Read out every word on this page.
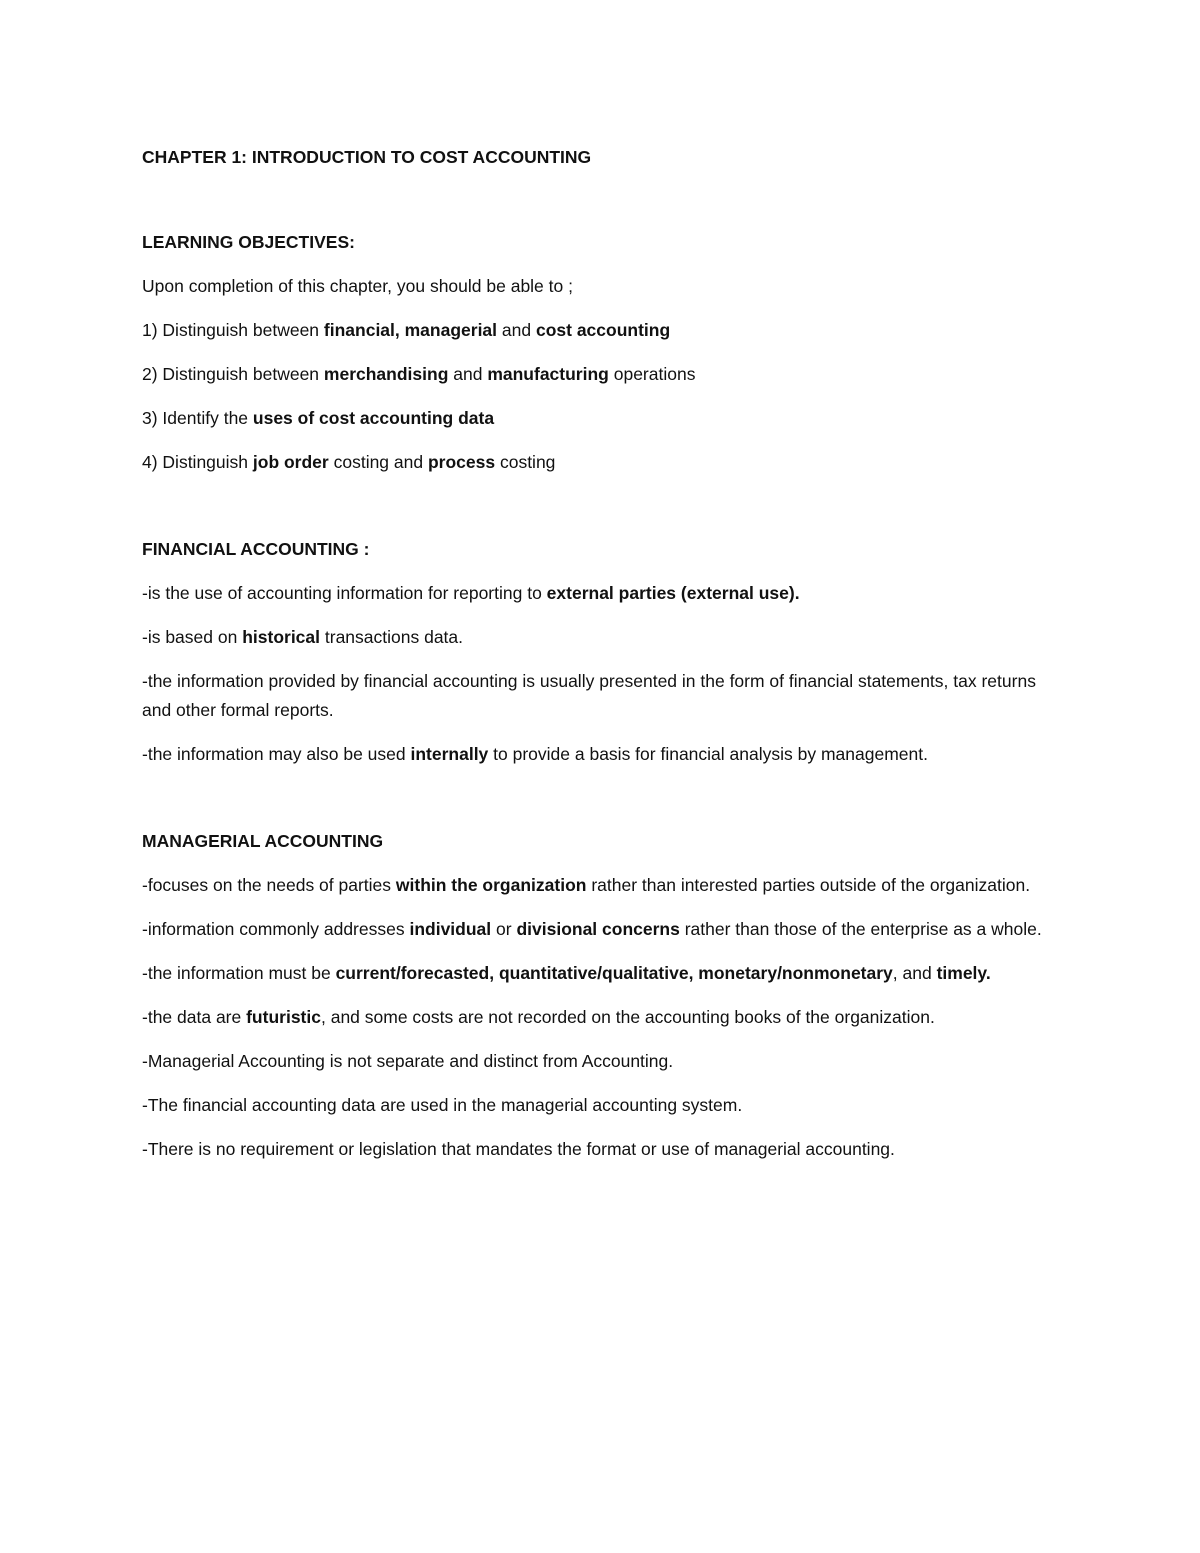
CHAPTER 1: INTRODUCTION TO COST ACCOUNTING

LEARNING OBJECTIVES:

Upon completion of this chapter, you should be able to ;

1) Distinguish between financial, managerial and cost accounting

2) Distinguish between merchandising and manufacturing operations

3) Identify the uses of cost accounting data

4) Distinguish job order costing and process costing

FINANCIAL ACCOUNTING :

-is the use of accounting information for reporting to external parties (external use).

-is based on historical transactions data.

-the information provided by financial accounting is usually presented in the form of financial statements, tax returns and other formal reports.

-the information may also be used internally to provide a basis for financial analysis by management.

MANAGERIAL ACCOUNTING

-focuses on the needs of parties within the organization rather than interested parties outside of the organization.

-information commonly addresses individual or divisional concerns rather than those of the enterprise as a whole.

-the information must be current/forecasted, quantitative/qualitative, monetary/nonmonetary, and timely.

-the data are futuristic, and some costs are not recorded on the accounting books of the organization.

-Managerial Accounting is not separate and distinct from Accounting.

-The financial accounting data are used in the managerial accounting system.

-There is no requirement or legislation that mandates the format or use of managerial accounting.
